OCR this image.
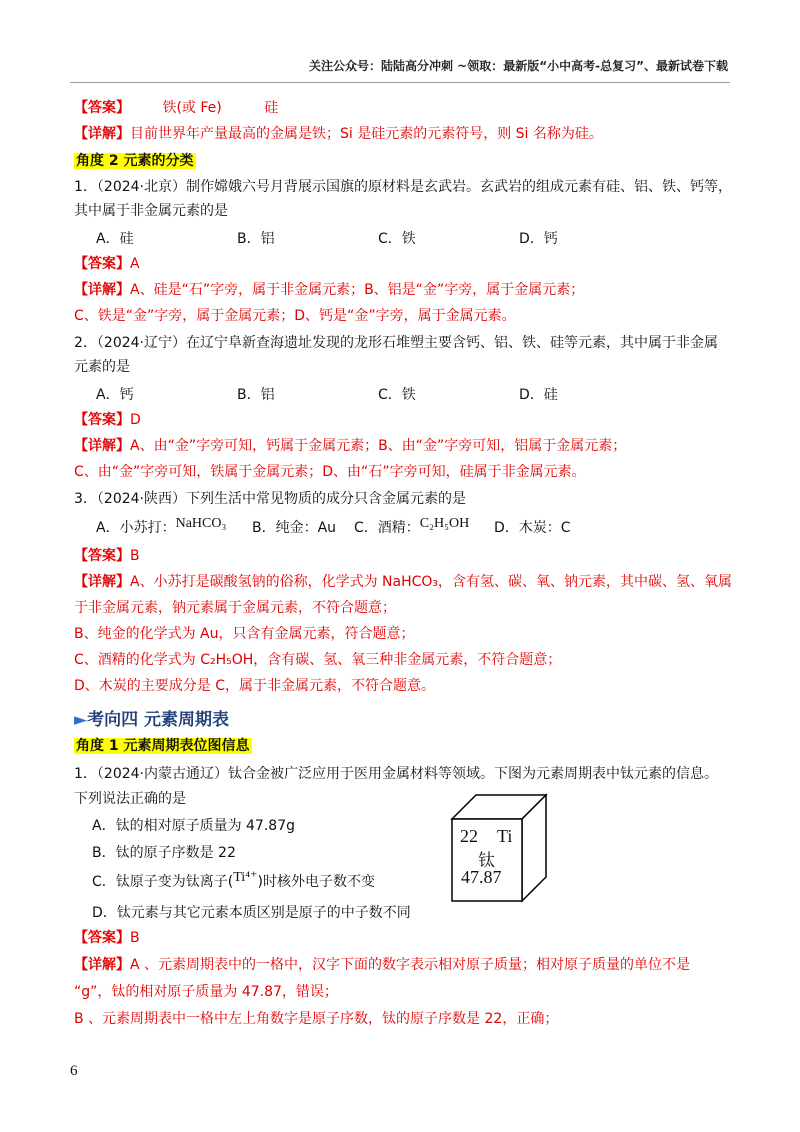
关注公众号：陆陆高分冲刺 ~领取：最新版“小中高考-总复习”、最新试卷下载
【答案】 铁(或 Fe)	硅
【详解】目前世界年产量最高的金属是铁；Si 是硅元素的元素符号，则 Si 名称为硅。
角度 2 元素的分类
1．（2024·北京）制作嫦娥六号月背展示国旗的原材料是玄武岩。玄武岩的组成元素有硅、铝、铁、钙等，
其中属于非金属元素的是
A．硅	B．铝	C．铁	D．钙
【答案】A
【详解】A、硅是“石”字旁，属于非金属元素；B、铝是“金”字旁，属于金属元素；
C、铁是“金”字旁，属于金属元素；D、钙是“金”字旁，属于金属元素。
2．（2024·辽宁）在辽宁阜新查海遗址发现的龙形石堆塑主要含钙、铝、铁、硅等元素，其中属于非金属
元素的是
A．钙	B．铝	C．铁	D．硅
【答案】D
【详解】A、由“金”字旁可知，钙属于金属元素；B、由“金”字旁可知，铝属于金属元素；
C、由“金”字旁可知，铁属于金属元素；D、由“石”字旁可知，硅属于非金属元素。
3．（2024·陕西）下列生活中常见物质的成分只含金属元素的是
A．小苏打：NaHCO₃ B．纯金：Au C．酒精：C₂H₅OH D．木炭：C
【答案】B
【详解】A、小苏打是碳酸氢钠的俗称，化学式为 NaHCO₃，含有氢、碳、氧、钠元素，其中碳、氢、氧属
于非金属元素，钠元素属于金属元素，不符合题意；
B、纯金的化学式为 Au，只含有金属元素，符合题意；
C、酒精的化学式为 C₂H₅OH，含有碳、氢、氧三种非金属元素，不符合题意；
D、木炭的主要成分是 C，属于非金属元素，不符合题意。
►考向四 元素周期表
角度 1 元素周期表位图信息
1．（2024·内蒙古通辽）钛合金被广泛应用于医用金属材料等领域。下图为元素周期表中钛元素的信息。
下列说法正确的是
A．钛的相对原子质量为 47.87g
B．钛的原子序数是 22
C．钛原子变为钛离子(Ti⁴⁺)时核外电子数不变
D．钛元素与其它元素本质区别是原子的中子数不同
22 Ti
钛
47.87
【答案】B
【详解】A 、元素周期表中的一格中，汉字下面的数字表示相对原子质量；相对原子质量的单位不是
“g”，钛的相对原子质量为 47.87，错误；
B 、元素周期表中一格中左上角数字是原子序数，钛的原子序数是 22，正确；
6
